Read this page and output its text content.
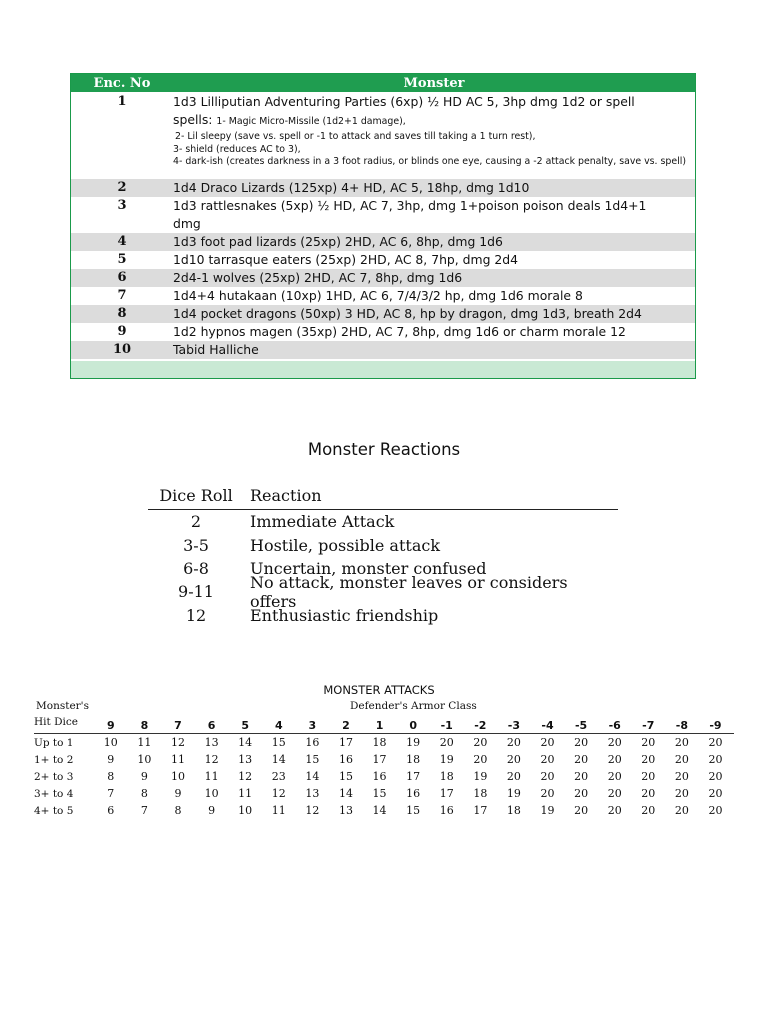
Enc. No	Monster
1	1d3 Lilliputian Adventuring Parties (6xp) ½ HD AC 5, 3hp dmg 1d2 or spell
spells: 1- Magic Micro-Missile (1d2+1 damage),
2- Lil sleepy (save vs. spell or -1 to attack and saves till taking a 1 turn rest),
3- shield (reduces AC to 3),
4- dark-ish (creates darkness in a 3 foot radius, or blinds one eye, causing a -2 attack penalty, save vs. spell)
2	1d4 Draco Lizards (125xp) 4+ HD, AC 5, 18hp, dmg 1d10
3	1d3 rattlesnakes (5xp) ½ HD, AC 7, 3hp, dmg 1+poison poison deals 1d4+1
dmg
4	1d3 foot pad lizards (25xp) 2HD, AC 6, 8hp, dmg 1d6
5	1d10 tarrasque eaters (25xp) 2HD, AC 8, 7hp, dmg 2d4
6	2d4-1 wolves (25xp) 2HD, AC 7, 8hp, dmg 1d6
7	1d4+4 hutakaan (10xp) 1HD, AC 6, 7/4/3/2 hp, dmg 1d6 morale 8
8	1d4 pocket dragons (50xp) 3 HD, AC 8, hp by dragon, dmg 1d3, breath 2d4
9	1d2 hypnos magen (35xp) 2HD, AC 7, 8hp, dmg 1d6 or charm morale 12
10	Tabid Halliche
Monster Reactions
Dice Roll	Reaction
2	Immediate Attack
3-5	Hostile, possible attack
6-8	Uncertain, monster confused
9-11	No attack, monster leaves or considers offers
12	Enthusiastic friendship
MONSTER ATTACKS
Defender's Armor Class
Monster's
Hit Dice	9	8	7	6	5	4	3	2	1	0	-1	-2	-3	-4	-5	-6	-7	-8	-9
Up to 1	10	11	12	13	14	15	16	17	18	19	20	20	20	20	20	20	20	20	20
1+ to 2	9	10	11	12	13	14	15	16	17	18	19	20	20	20	20	20	20	20	20
2+ to 3	8	9	10	11	12	23	14	15	16	17	18	19	20	20	20	20	20	20	20
3+ to 4	7	8	9	10	11	12	13	14	15	16	17	18	19	20	20	20	20	20	20
4+ to 5	6	7	8	9	10	11	12	13	14	15	16	17	18	19	20	20	20	20	20
